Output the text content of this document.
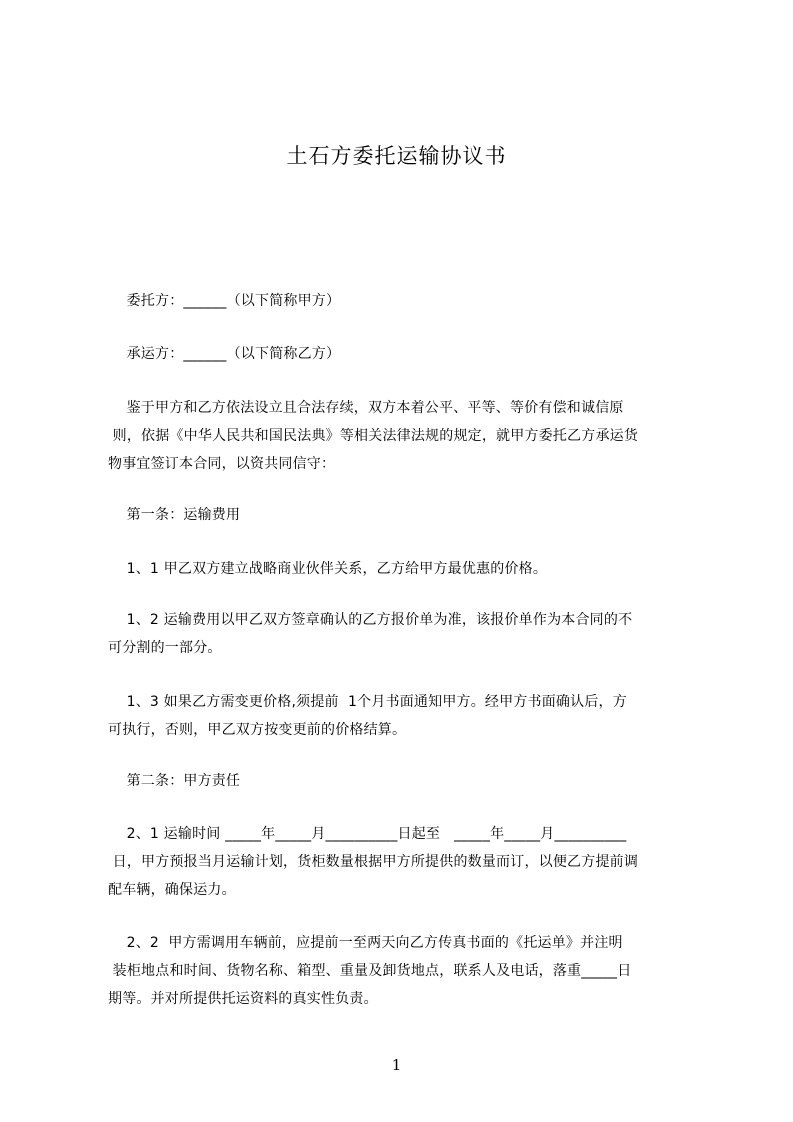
土石方委托运输协议书
委托方：______（以下简称甲方）
承运方：______（以下简称乙方）
鉴于甲方和乙方依法设立且合法存续，双方本着公平、平等、等价有偿和诚信原
则，依据《中华人民共和国民法典》等相关法律法规的规定，就甲方委托乙方承运货
物事宜签订本合同，以资共同信守：
第一条：运输费用
1、1 甲乙双方建立战略商业伙伴关系，乙方给甲方最优惠的价格。
1、2 运输费用以甲乙双方签章确认的乙方报价单为准，该报价单作为本合同的不
可分割的一部分。
1、3 如果乙方需变更价格,须提前  1个月书面通知甲方。经甲方书面确认后，方
可执行，否则，甲乙双方按变更前的价格结算。
第二条：甲方责任
2、1 运输时间 _____年_____月__________日起至   _____年_____月__________
日，甲方预报当月运输计划，货柜数量根据甲方所提供的数量而订，以便乙方提前调
配车辆，确保运力。
2、2  甲方需调用车辆前，应提前一至两天向乙方传真书面的《托运单》并注明
装柜地点和时间、货物名称、箱型、重量及卸货地点，联系人及电话，落重_____日
期等。并对所提供托运资料的真实性负责。
1
